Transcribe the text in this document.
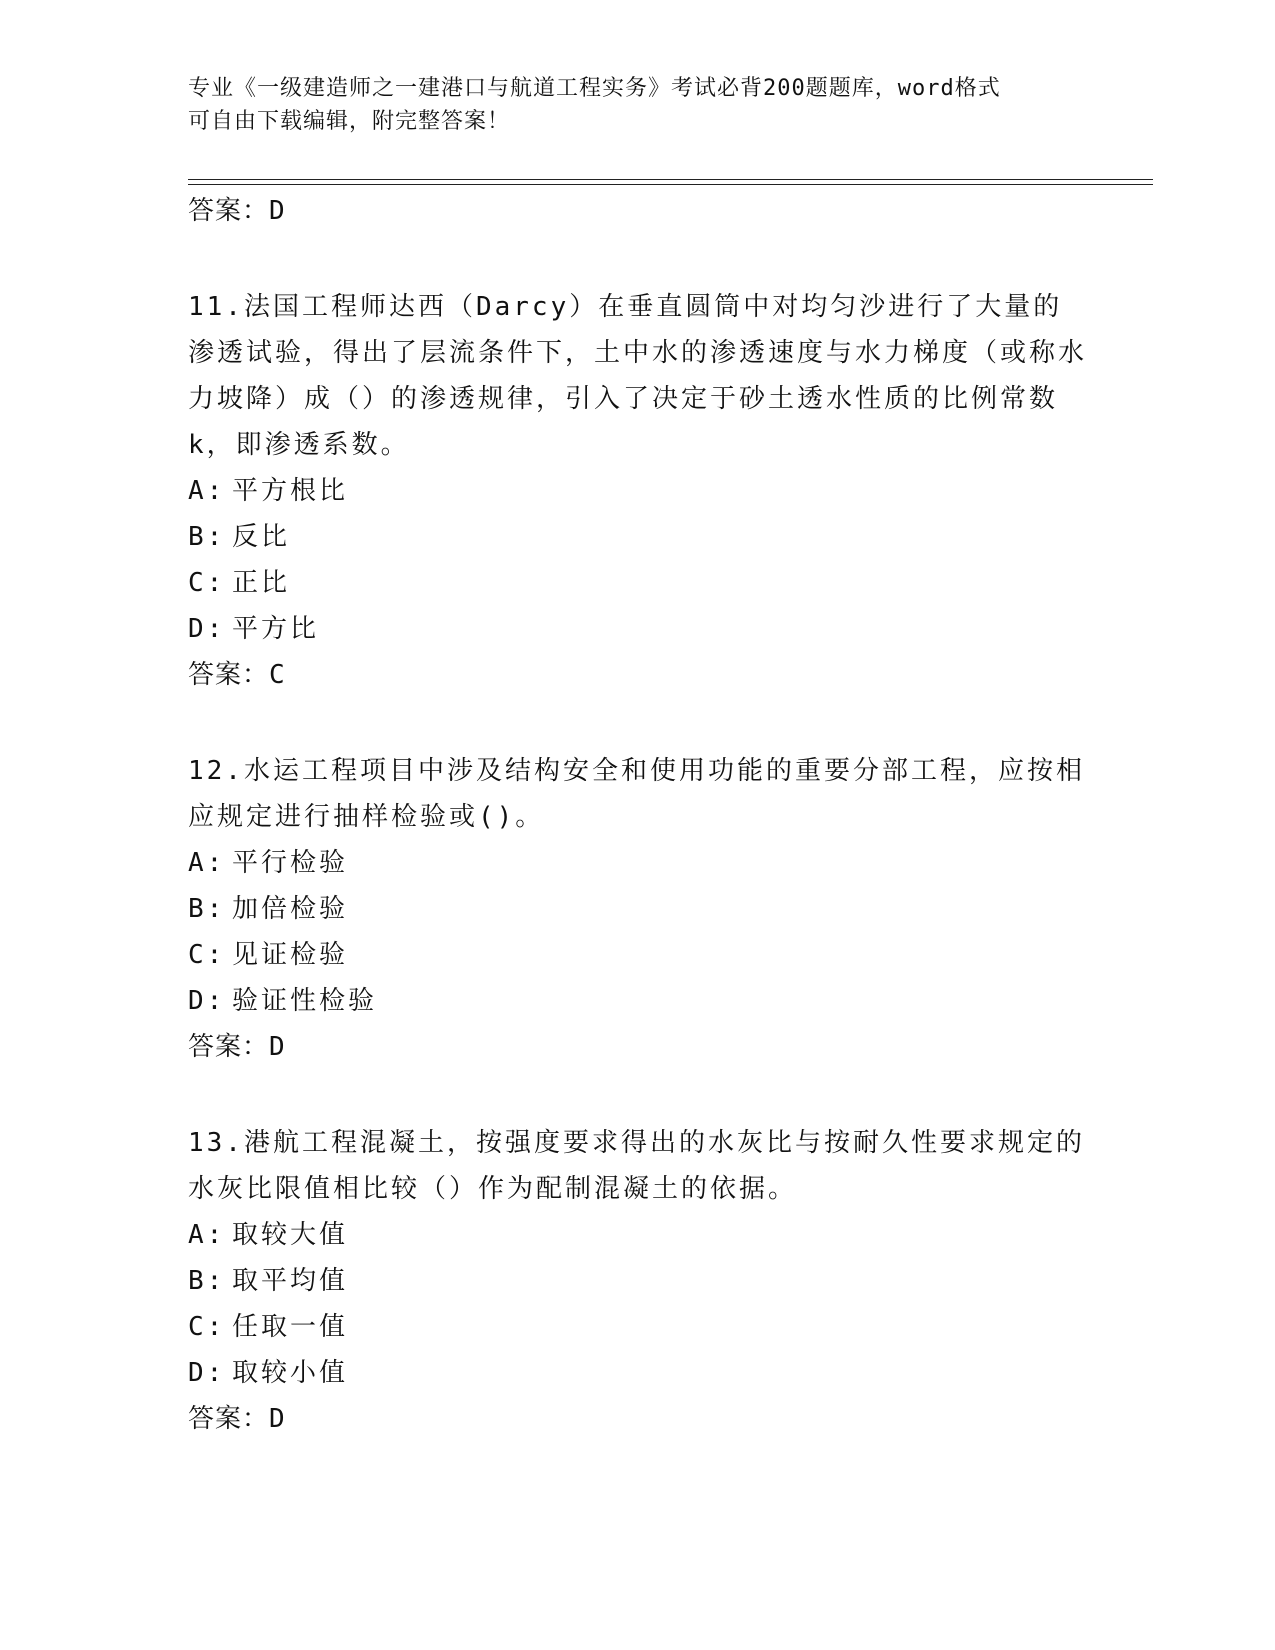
专业《一级建造师之一建港口与航道工程实务》考试必背200题题库，word格式
可自由下载编辑，附完整答案！
答案：D
11.法国工程师达西（Darcy）在垂直圆筒中对均匀沙进行了大量的渗透试验，得出了层流条件下，土中水的渗透速度与水力梯度（或称水力坡降）成（）的渗透规律，引入了决定于砂土透水性质的比例常数k，即渗透系数。
A: 平方根比
B: 反比
C: 正比
D: 平方比
答案：C
12.水运工程项目中涉及结构安全和使用功能的重要分部工程，应按相应规定进行抽样检验或()。
A: 平行检验
B: 加倍检验
C: 见证检验
D: 验证性检验
答案：D
13.港航工程混凝土，按强度要求得出的水灰比与按耐久性要求规定的水灰比限值相比较（）作为配制混凝土的依据。
A: 取较大值
B: 取平均值
C: 任取一值
D: 取较小值
答案：D
